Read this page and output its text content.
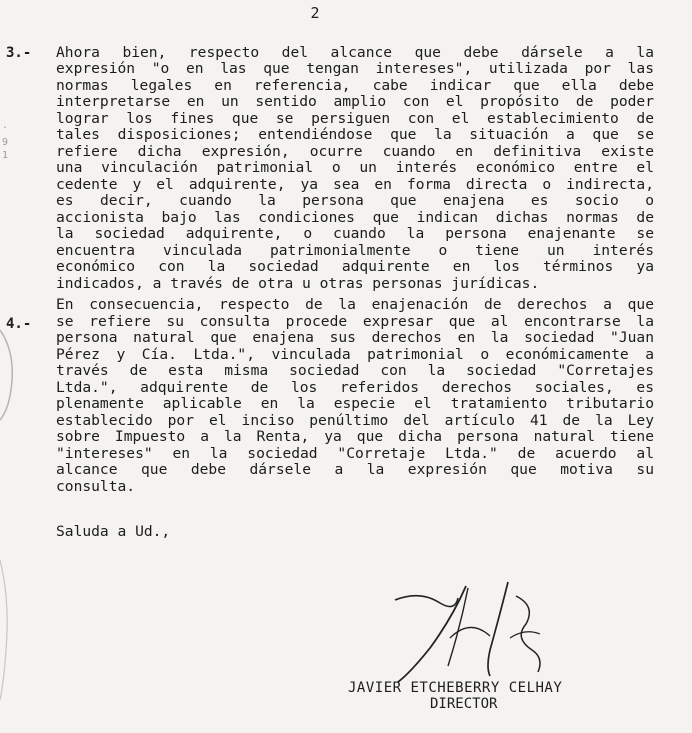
.
9
1
2
3.- Ahora bien, respecto del alcance que debe dársele a la
expresión "o en las que tengan intereses", utilizada por las
normas legales en referencia, cabe indicar que ella debe
interpretarse en un sentido amplio con el propósito de poder
lograr los fines que se persiguen con el establecimiento de
tales disposiciones; entendiéndose que la situación a que se
refiere dicha expresión, ocurre cuando en definitiva existe
una vinculación patrimonial o un interés económico entre el
cedente y el adquirente, ya sea en forma directa o indirecta,
es decir, cuando la persona que enajena es socio o
accionista bajo las condiciones que indican dichas normas de
la sociedad adquirente, o cuando la persona enajenante se
encuentra vinculada patrimonialmente o tiene un interés
económico con la sociedad adquirente en los términos ya
indicados, a través de otra u otras personas jurídicas.
4.-
En consecuencia, respecto de la enajenación de derechos a que
se refiere su consulta procede expresar que al encontrarse la
persona natural que enajena sus derechos en la sociedad "Juan
Pérez y Cía. Ltda.", vinculada patrimonial o económicamente a
través de esta misma sociedad con la sociedad "Corretajes
Ltda.", adquirente de los referidos derechos sociales, es
plenamente aplicable en la especie el tratamiento tributario
establecido por el inciso penúltimo del artículo 41 de la Ley
sobre Impuesto a la Renta, ya que dicha persona natural tiene
"intereses" en la sociedad "Corretaje Ltda." de acuerdo al
alcance que debe dársele a la expresión que motiva su
consulta.
Saluda a Ud.,
JAVIER ETCHEBERRY CELHAY
DIRECTOR
